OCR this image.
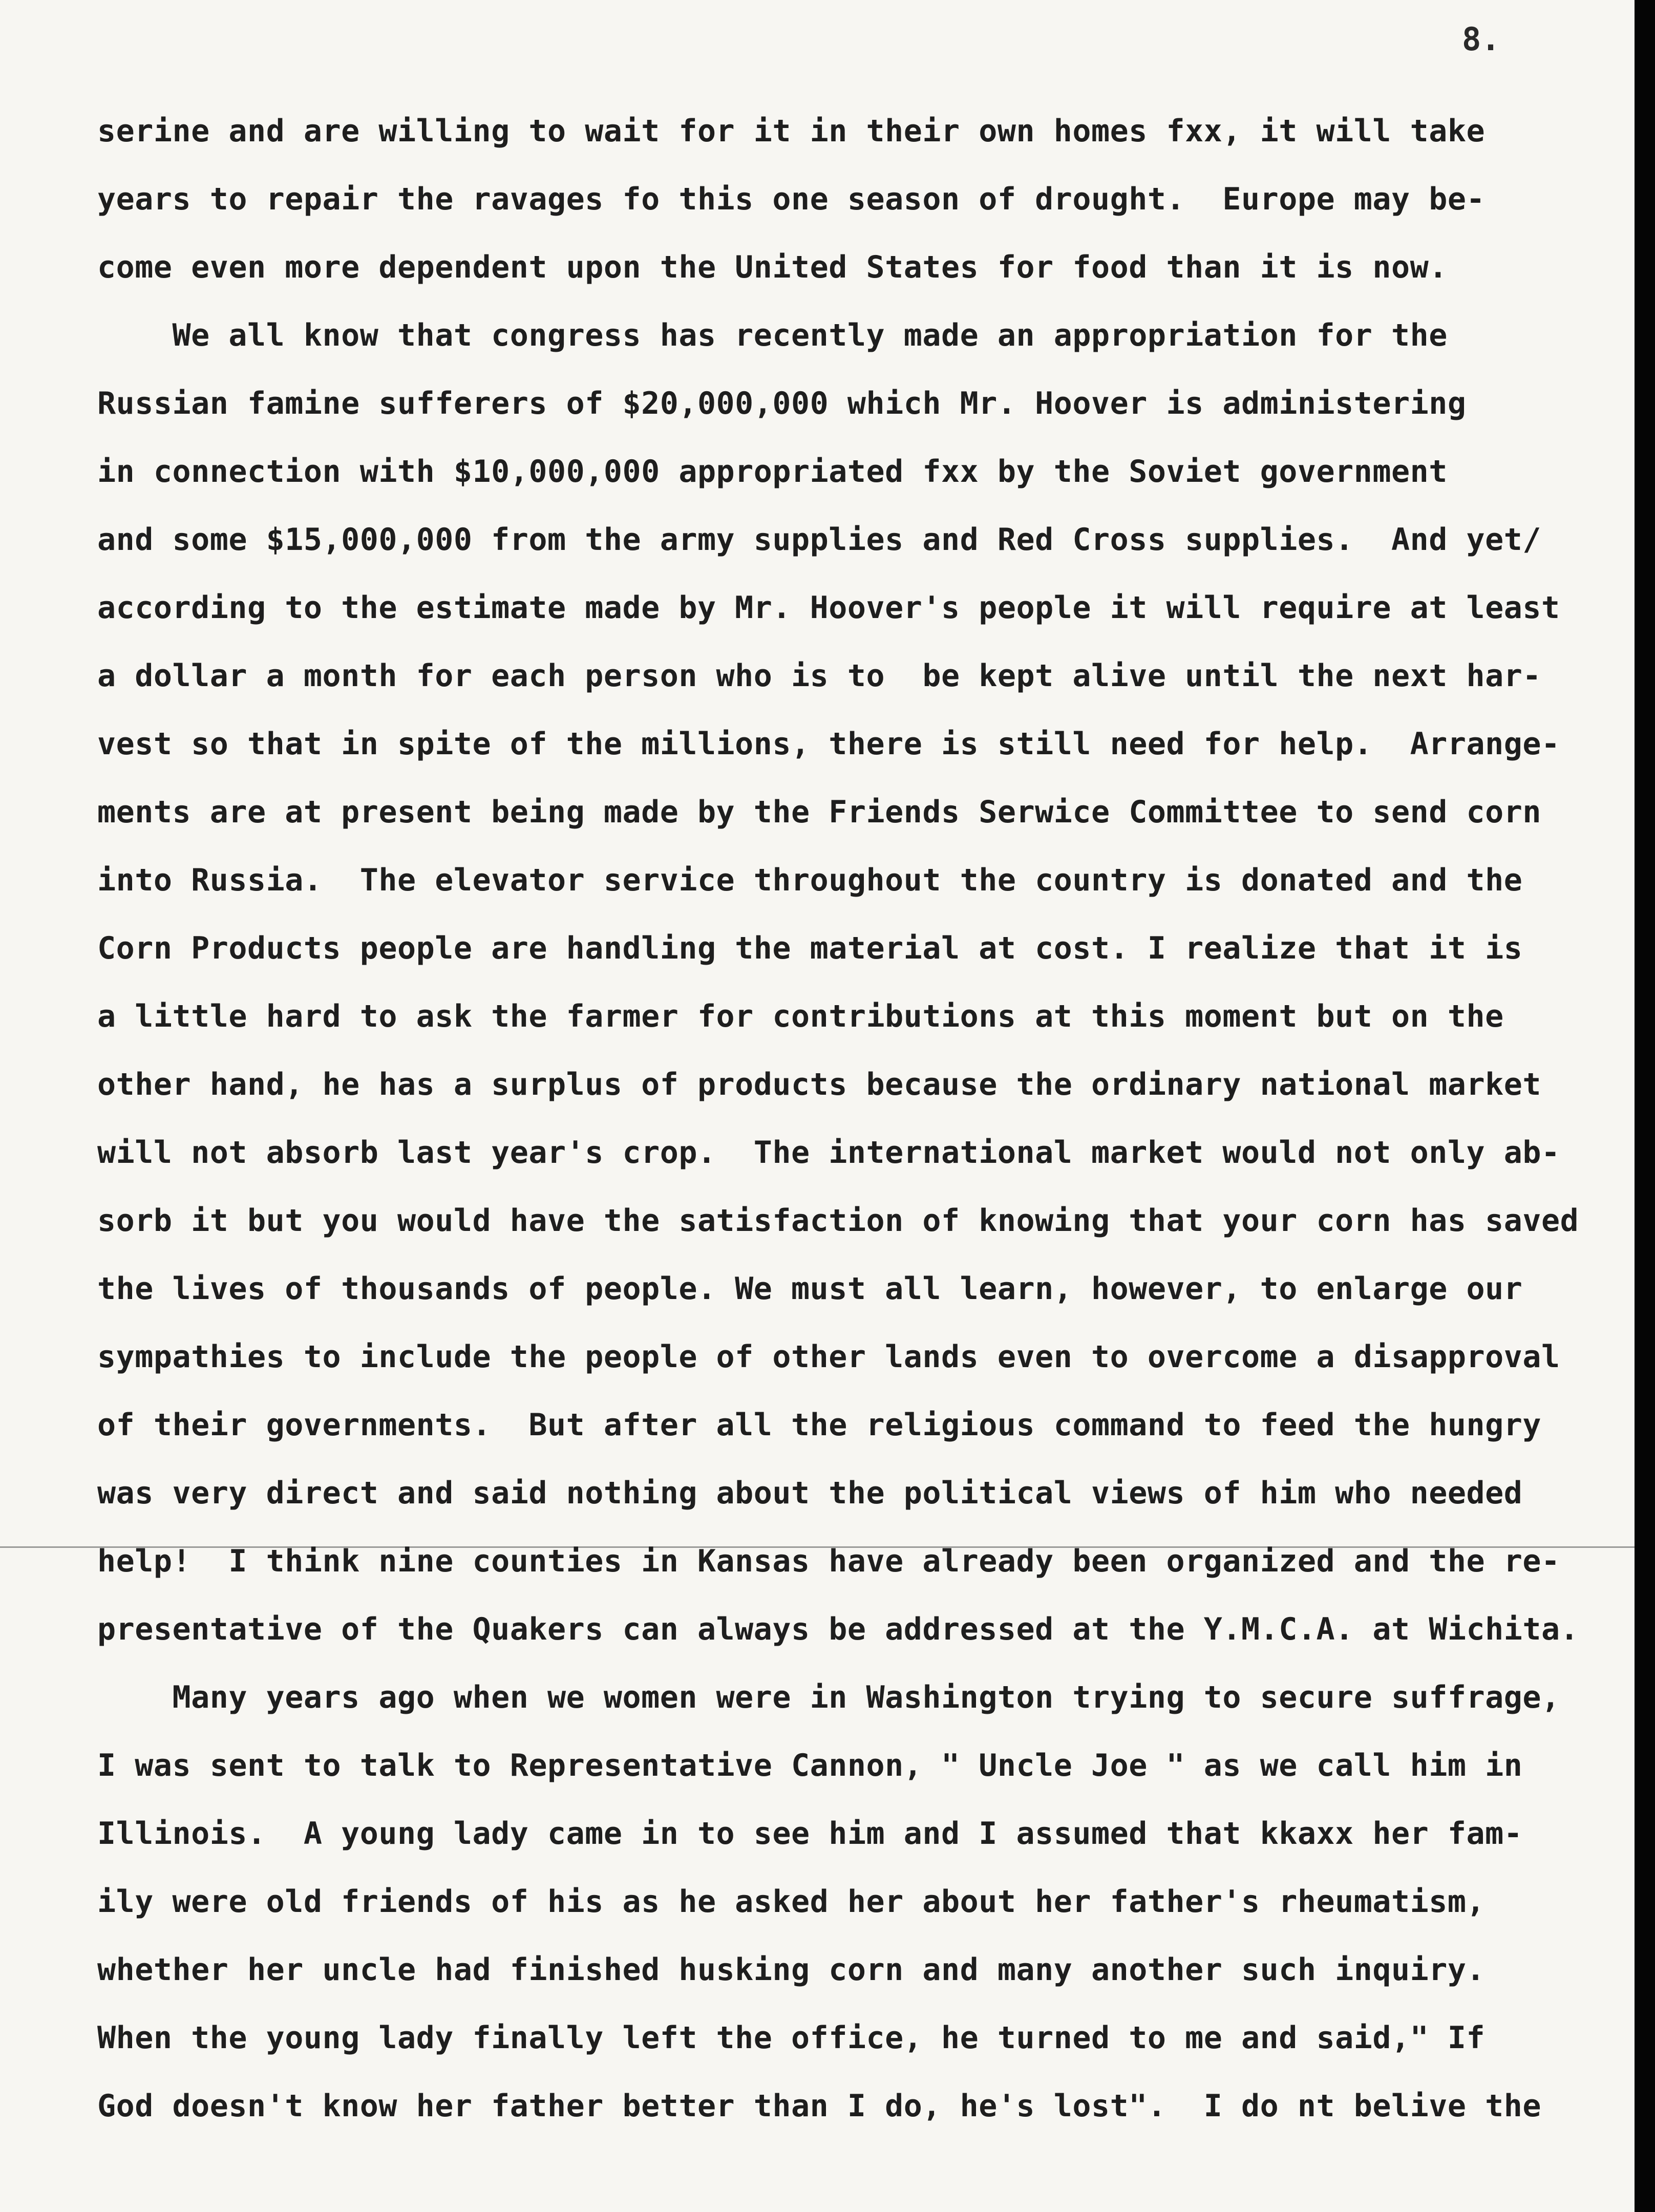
8.
serine and are willing to wait for it in their own homes fxx, it will take
years to repair the ravages fo this one season of drought.  Europe may be-
come even more dependent upon the United States for food than it is now.
We all know that congress has recently made an appropriation for the
Russian famine sufferers of $20,000,000 which Mr. Hoover is administering
in connection with $10,000,000 appropriated fxx by the Soviet government
and some $15,000,000 from the army supplies and Red Cross supplies.  And yet/
according to the estimate made by Mr. Hoover's people it will require at least
a dollar a month for each person who is to  be kept alive until the next har-
vest so that in spite of the millions, there is still need for help.  Arrange-
ments are at present being made by the Friends Serwice Committee to send corn
into Russia.  The elevator service throughout the country is donated and the
Corn Products people are handling the material at cost. I realize that it is
a little hard to ask the farmer for contributions at this moment but on the
other hand, he has a surplus of products because the ordinary national market
will not absorb last year's crop.  The international market would not only ab-
sorb it but you would have the satisfaction of knowing that your corn has saved
the lives of thousands of people. We must all learn, however, to enlarge our
sympathies to include the people of other lands even to overcome a disapproval
of their governments.  But after all the religious command to feed the hungry
was very direct and said nothing about the political views of him who needed
help!  I think nine counties in Kansas have already been organized and the re-
presentative of the Quakers can always be addressed at the Y.M.C.A. at Wichita.
Many years ago when we women were in Washington trying to secure suffrage,
I was sent to talk to Representative Cannon, " Uncle Joe " as we call him in
Illinois.  A young lady came in to see him and I assumed that kkaxx her fam-
ily were old friends of his as he asked her about her father's rheumatism,
whether her uncle had finished husking corn and many another such inquiry.
When the young lady finally left the office, he turned to me and said," If
God doesn't know her father better than I do, he's lost".  I do nt belive the
